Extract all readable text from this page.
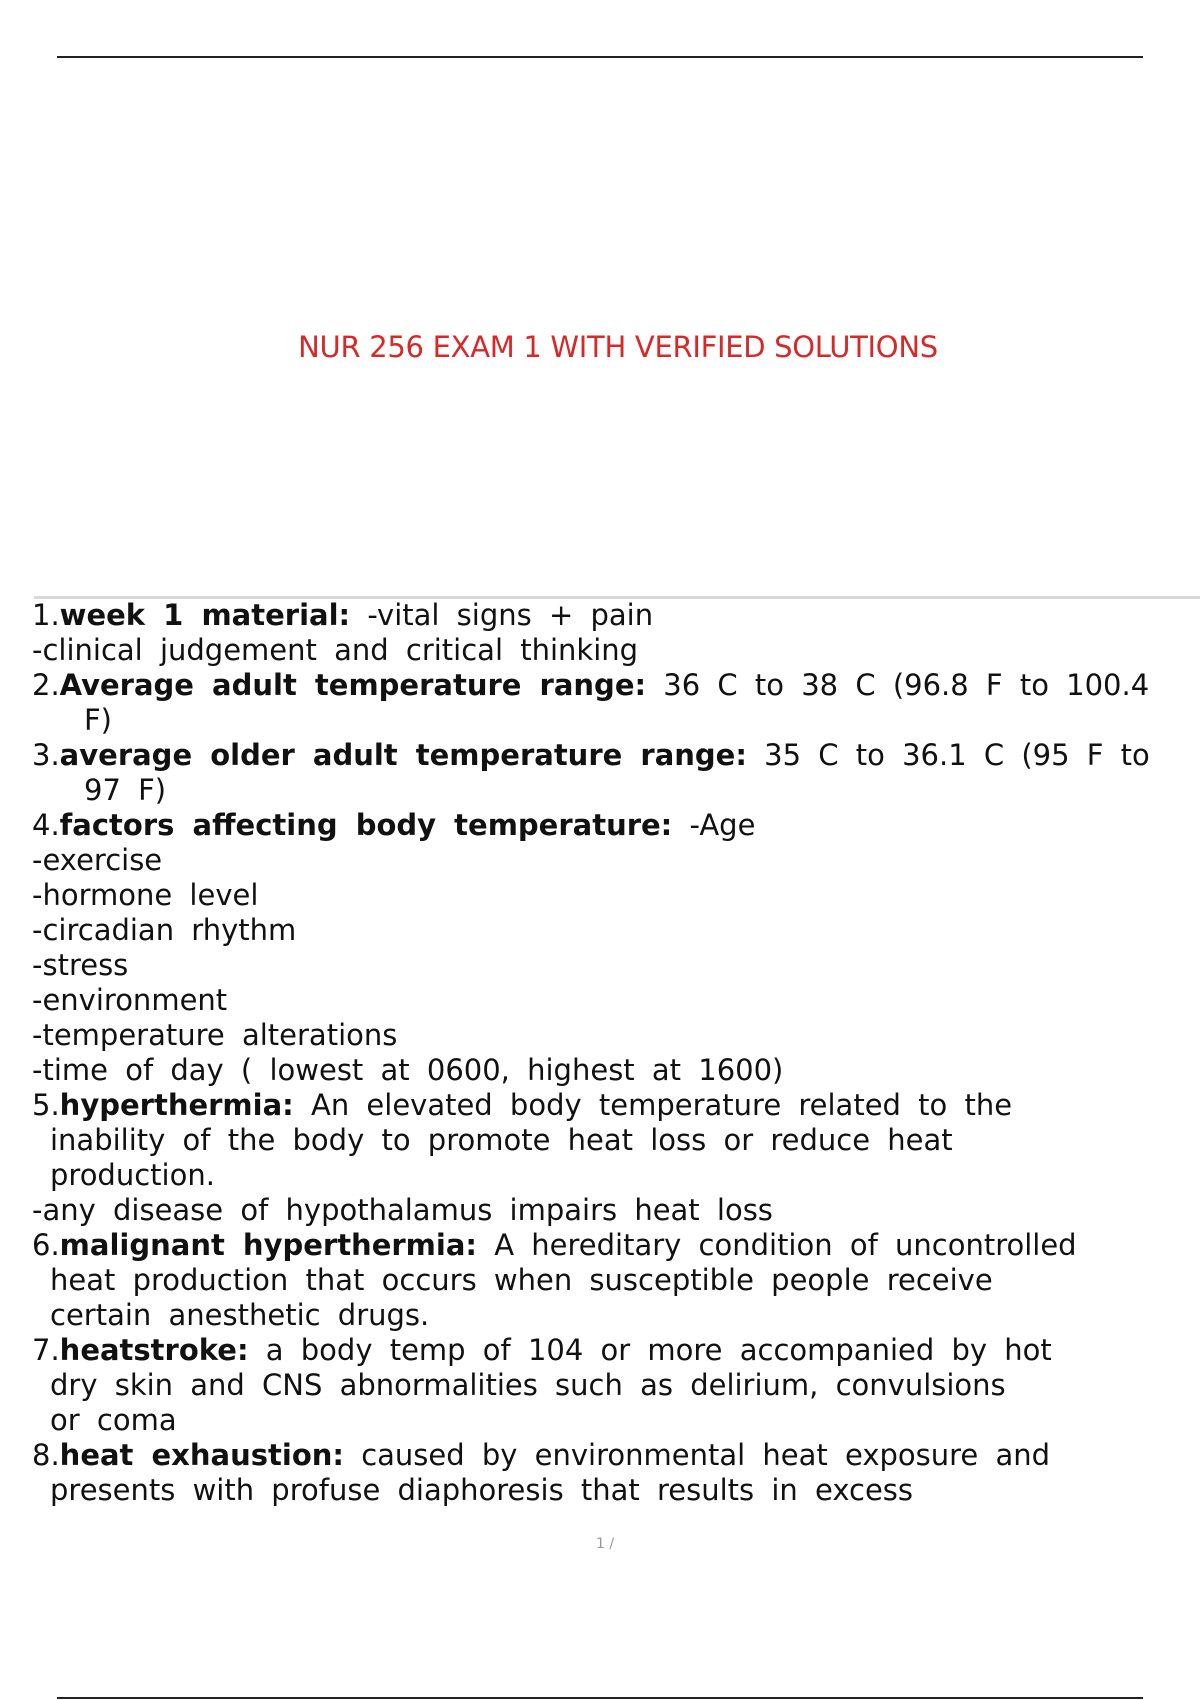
NUR 256 EXAM 1 WITH VERIFIED SOLUTIONS
1.week 1 material: -vital signs + pain
-clinical judgement and critical thinking
2.Average adult temperature range: 36 C to 38 C (96.8 F to 100.4
F)
3.average older adult temperature range: 35 C to 36.1 C (95 F to
97 F)
4.factors affecting body temperature: -Age
-exercise
-hormone level
-circadian rhythm
-stress
-environment
-temperature alterations
-time of day ( lowest at 0600, highest at 1600)
5.hyperthermia: An elevated body temperature related to the
inability of the body to promote heat loss or reduce heat
production.
-any disease of hypothalamus impairs heat loss
6.malignant hyperthermia: A hereditary condition of uncontrolled
heat production that occurs when susceptible people receive
certain anesthetic drugs.
7.heatstroke: a body temp of 104 or more accompanied by hot
dry skin and CNS abnormalities such as delirium, convulsions
or coma
8.heat exhaustion: caused by environmental heat exposure and
presents with profuse diaphoresis that results in excess
1 /
